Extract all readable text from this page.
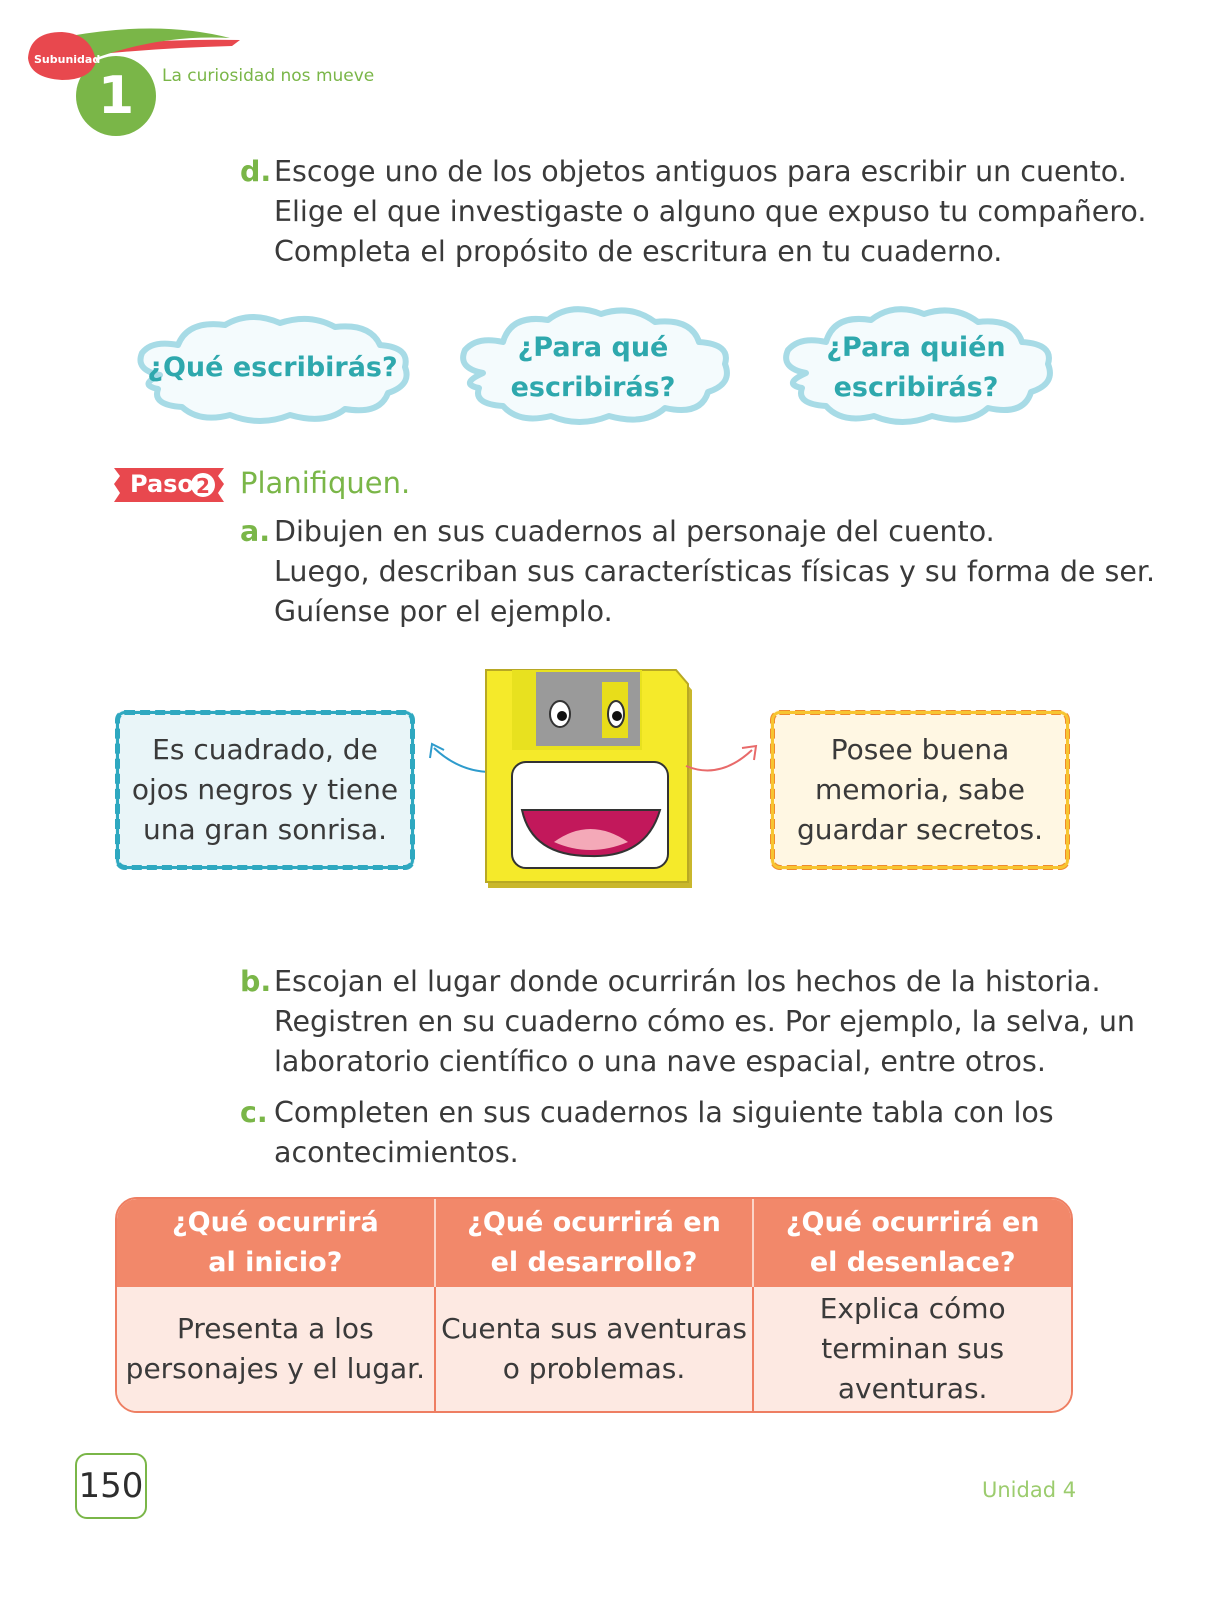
Subunidad
1 La curiosidad nos mueve
d.Escoge uno de los objetos antiguos para escribir un cuento.
Elige el que investigaste o alguno que expuso tu compañero.
Completa el propósito de escritura en tu cuaderno.
¿Qué escribirás?
¿Para qué
escribirás?
¿Para quién
escribirás?
Paso 2 Planifiquen.
a. Dibujen en sus cuadernos al personaje del cuento.
Luego, describan sus características físicas y su forma de ser.
Guíense por el ejemplo.
Es cuadrado, de
ojos negros y tiene
una gran sonrisa.
Posee buena
memoria, sabe
guardar secretos.
b.Escojan el lugar donde ocurrirán los hechos de la historia.
Registren en su cuaderno cómo es. Por ejemplo, la selva, un
laboratorio científico o una nave espacial, entre otros.
c. Completen en sus cuadernos la siguiente tabla con los
acontecimientos.
¿Qué ocurrirá
al inicio?
¿Qué ocurrirá en
el desarrollo?
¿Qué ocurrirá en
el desenlace?
Presenta a los
personajes y el lugar.
Cuenta sus aventuras
o problemas.
Explica cómo
terminan sus
aventuras.
150	Unidad 4
